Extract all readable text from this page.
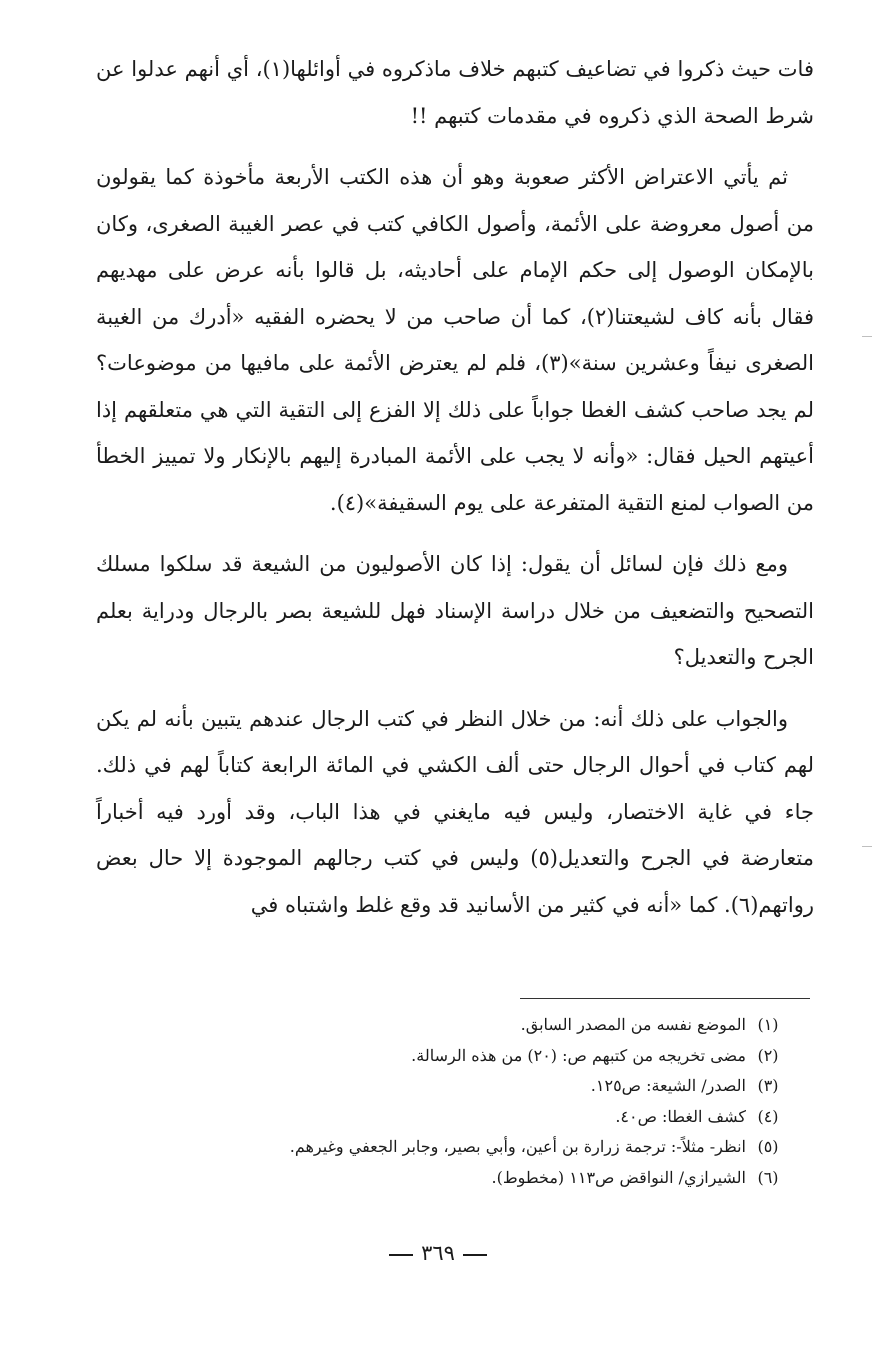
فات حيث ذكروا في تضاعيف كتبهم خلاف ماذكروه في أوائلها(١)، أي أنهم عدلوا عن شرط الصحة الذي ذكروه في مقدمات كتبهم !!

ثم يأتي الاعتراض الأكثر صعوبة وهو أن هذه الكتب الأربعة مأخوذة كما يقولون من أصول معروضة على الأئمة، وأصول الكافي كتب في عصر الغيبة الصغرى، وكان بالإمكان الوصول إلى حكم الإمام على أحاديثه، بل قالوا بأنه عرض على مهديهم فقال بأنه كاف لشيعتنا(٢)، كما أن صاحب من لا يحضره الفقيه «أدرك من الغيبة الصغرى نيفاً وعشرين سنة»(٣)، فلم لم يعترض الأئمة على مافيها من موضوعات؟ لم يجد صاحب كشف الغطا جواباً على ذلك إلا الفزع إلى التقية التي هي متعلقهم إذا أعيتهم الحيل فقال: «وأنه لا يجب على الأئمة المبادرة إليهم بالإنكار ولا تمييز الخطأ من الصواب لمنع التقية المتفرعة على يوم السقيفة»(٤).

ومع ذلك فإن لسائل أن يقول: إذا كان الأصوليون من الشيعة قد سلكوا مسلك التصحيح والتضعيف من خلال دراسة الإسناد فهل للشيعة بصر بالرجال ودراية بعلم الجرح والتعديل؟

والجواب على ذلك أنه: من خلال النظر في كتب الرجال عندهم يتبين بأنه لم يكن لهم كتاب في أحوال الرجال حتى ألف الكشي في المائة الرابعة كتاباً لهم في ذلك. جاء في غاية الاختصار، وليس فيه مايغني في هذا الباب، وقد أورد فيه أخباراً متعارضة في الجرح والتعديل(٥) وليس في كتب رجالهم الموجودة إلا حال بعض رواتهم(٦). كما «أنه في كثير من الأسانيد قد وقع غلط واشتباه في

(١)
الموضع نفسه من المصدر السابق.
(٢)
مضى تخريجه من كتبهم ص: (٢٠) من هذه الرسالة.
(٣)
الصدر/ الشيعة: ص١٢٥.
(٤)
كشف الغطا: ص٤٠.
(٥)
انظر- مثلاً-: ترجمة زرارة بن أعين، وأبي بصير، وجابر الجعفي وغيرهم.
(٦)
الشيرازي/ النواقض ص١١٣ (مخطوط).
٣٦٩
